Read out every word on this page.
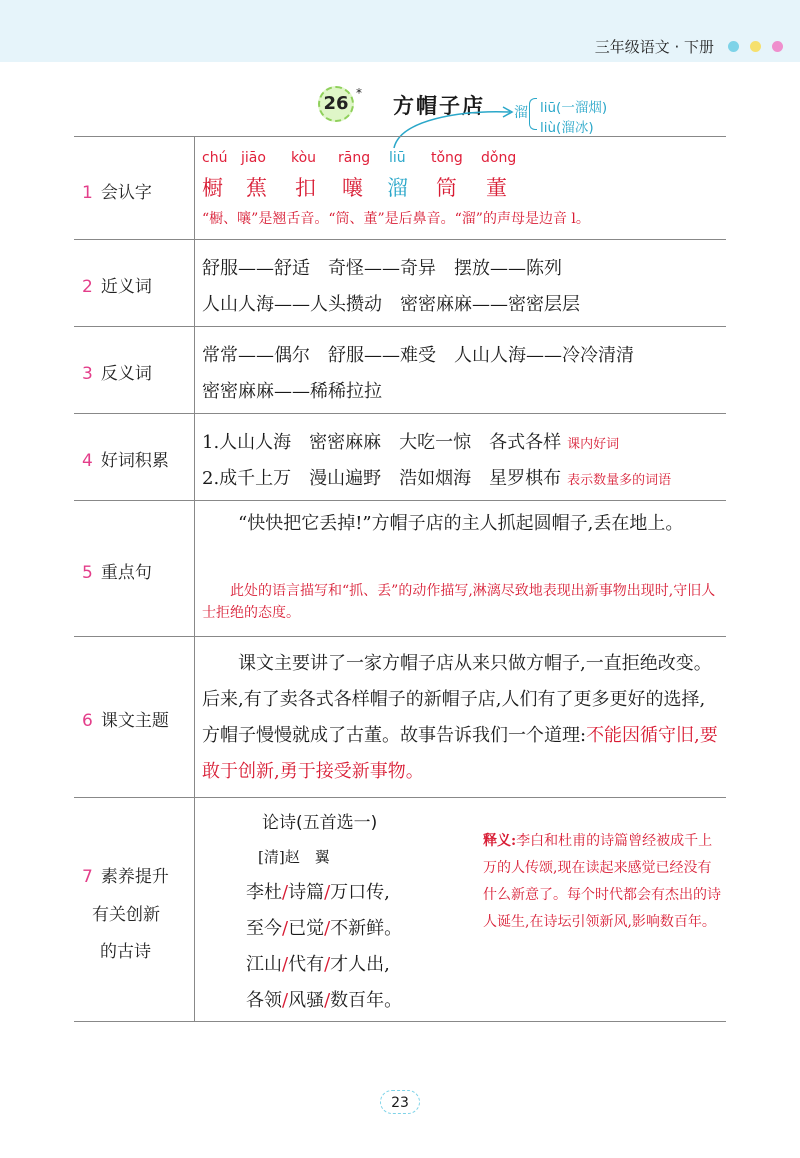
三年级语文 · 下册
26 *
方帽子店 溜 liū(一溜烟)
liù(溜冰)
1 会认字
chú
橱
jiāo
蕉
kòu
扣
rāng
嚷
liū
溜
tǒng
筒
dǒng
董
“橱、嚷”是翘舌音。“筒、董”是后鼻音。“溜”的声母是边音 l。
2 近义词
舒服——舒适　奇怪——奇异　摆放——陈列
人山人海——人头攒动　密密麻麻——密密层层
3 反义词
常常——偶尔　舒服——难受　人山人海——冷冷清清
密密麻麻——稀稀拉拉
4 好词积累
1.人山人海　密密麻麻　大吃一惊　各式各样 课内好词
2.成千上万　漫山遍野　浩如烟海　星罗棋布 表示数量多的词语
5 重点句
“快快把它丢掉!”方帽子店的主人抓起圆帽子,丢在地上。
此处的语言描写和“抓、丢”的动作描写,淋漓尽致地表现出新事物出现时,守旧人士拒绝的态度。
6 课文主题
课文主要讲了一家方帽子店从来只做方帽子,一直拒绝改变。后来,有了卖各式各样帽子的新帽子店,人们有了更多更好的选择,方帽子慢慢就成了古董。故事告诉我们一个道理:不能因循守旧,要敢于创新,勇于接受新事物。
7 素养提升
有关创新
的古诗
论诗(五首选一)
[清]赵　翼
李杜/诗篇/万口传,
至今/已觉/不新鲜。
江山/代有/才人出,
各领/风骚/数百年。
释义:李白和杜甫的诗篇曾经被成千上万的人传颂,现在读起来感觉已经没有什么新意了。每个时代都会有杰出的诗人诞生,在诗坛引领新风,影响数百年。
23
